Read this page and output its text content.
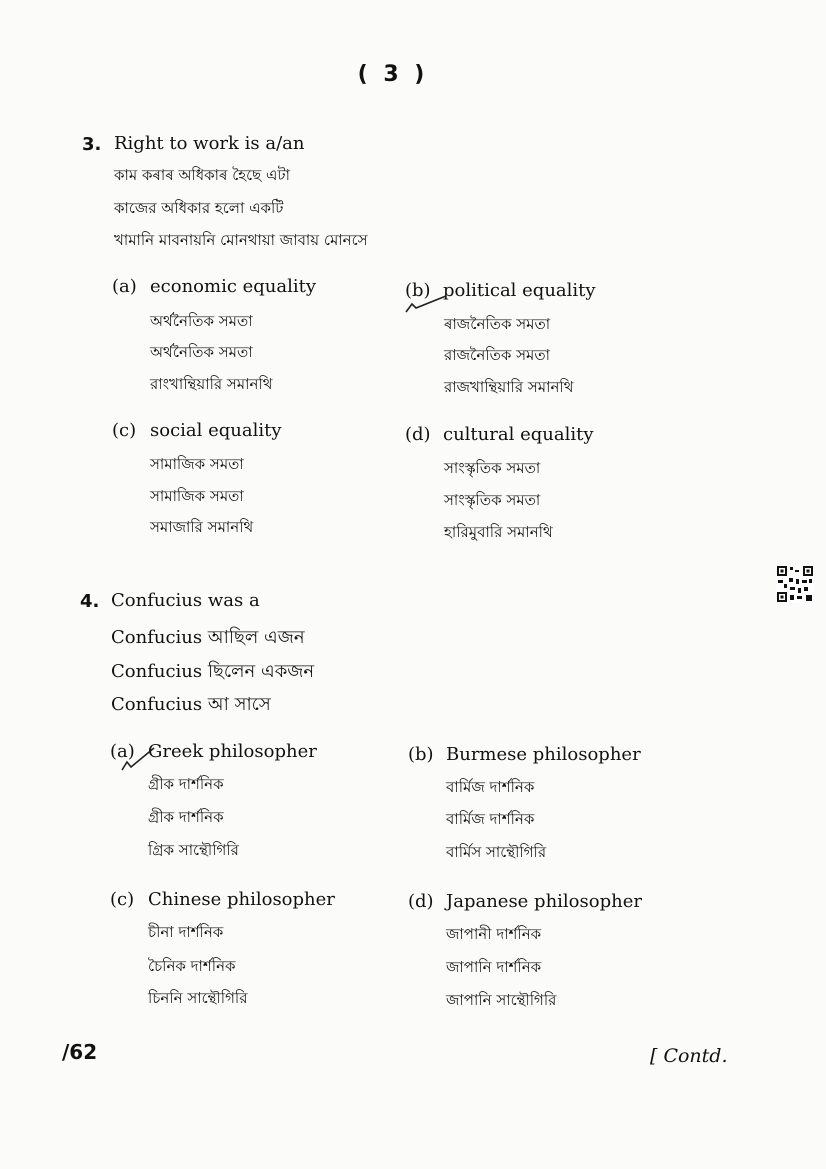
( 3 )
3. Right to work is a/an
কাম কৰাৰ অধিকাৰ হৈছে এটা
কাজের অধিকার হলো একটি
খামানি মাবনায়নি মোনথায়া জাবায় মোনসে
(a) economic equality
অৰ্থনৈতিক সমতা
অর্থনৈতিক সমতা
রাংখান্থিয়ারি সমানথি
(b) political equality
ৰাজনৈতিক সমতা
রাজনৈতিক সমতা
রাজখান্থিয়ারি সমানথি
(c) social equality
সামাজিক সমতা
সামাজিক সমতা
সমাজারি সমানথি
(d) cultural equality
সাংস্কৃতিক সমতা
সাংস্কৃতিক সমতা
হারিমুবারি সমানথি
4. Confucius was a
Confucius আছিল এজন
Confucius ছিলেন একজন
Confucius আ সাসে
(a) Greek philosopher
গ্ৰীক দাৰ্শনিক
গ্রীক দার্শনিক
গ্রিক সান্থৌগিরি
(b) Burmese philosopher
বাৰ্মিজ দাৰ্শনিক
বার্মিজ দার্শনিক
বার্মিস সান্থৌগিরি
(c) Chinese philosopher
চীনা দাৰ্শনিক
চৈনিক দার্শনিক
চিননি সান্থৌগিরি
(d) Japanese philosopher
জাপানী দাৰ্শনিক
জাপানি দার্শনিক
জাপানি সান্থৌগিরি
/62	[ Contd.
